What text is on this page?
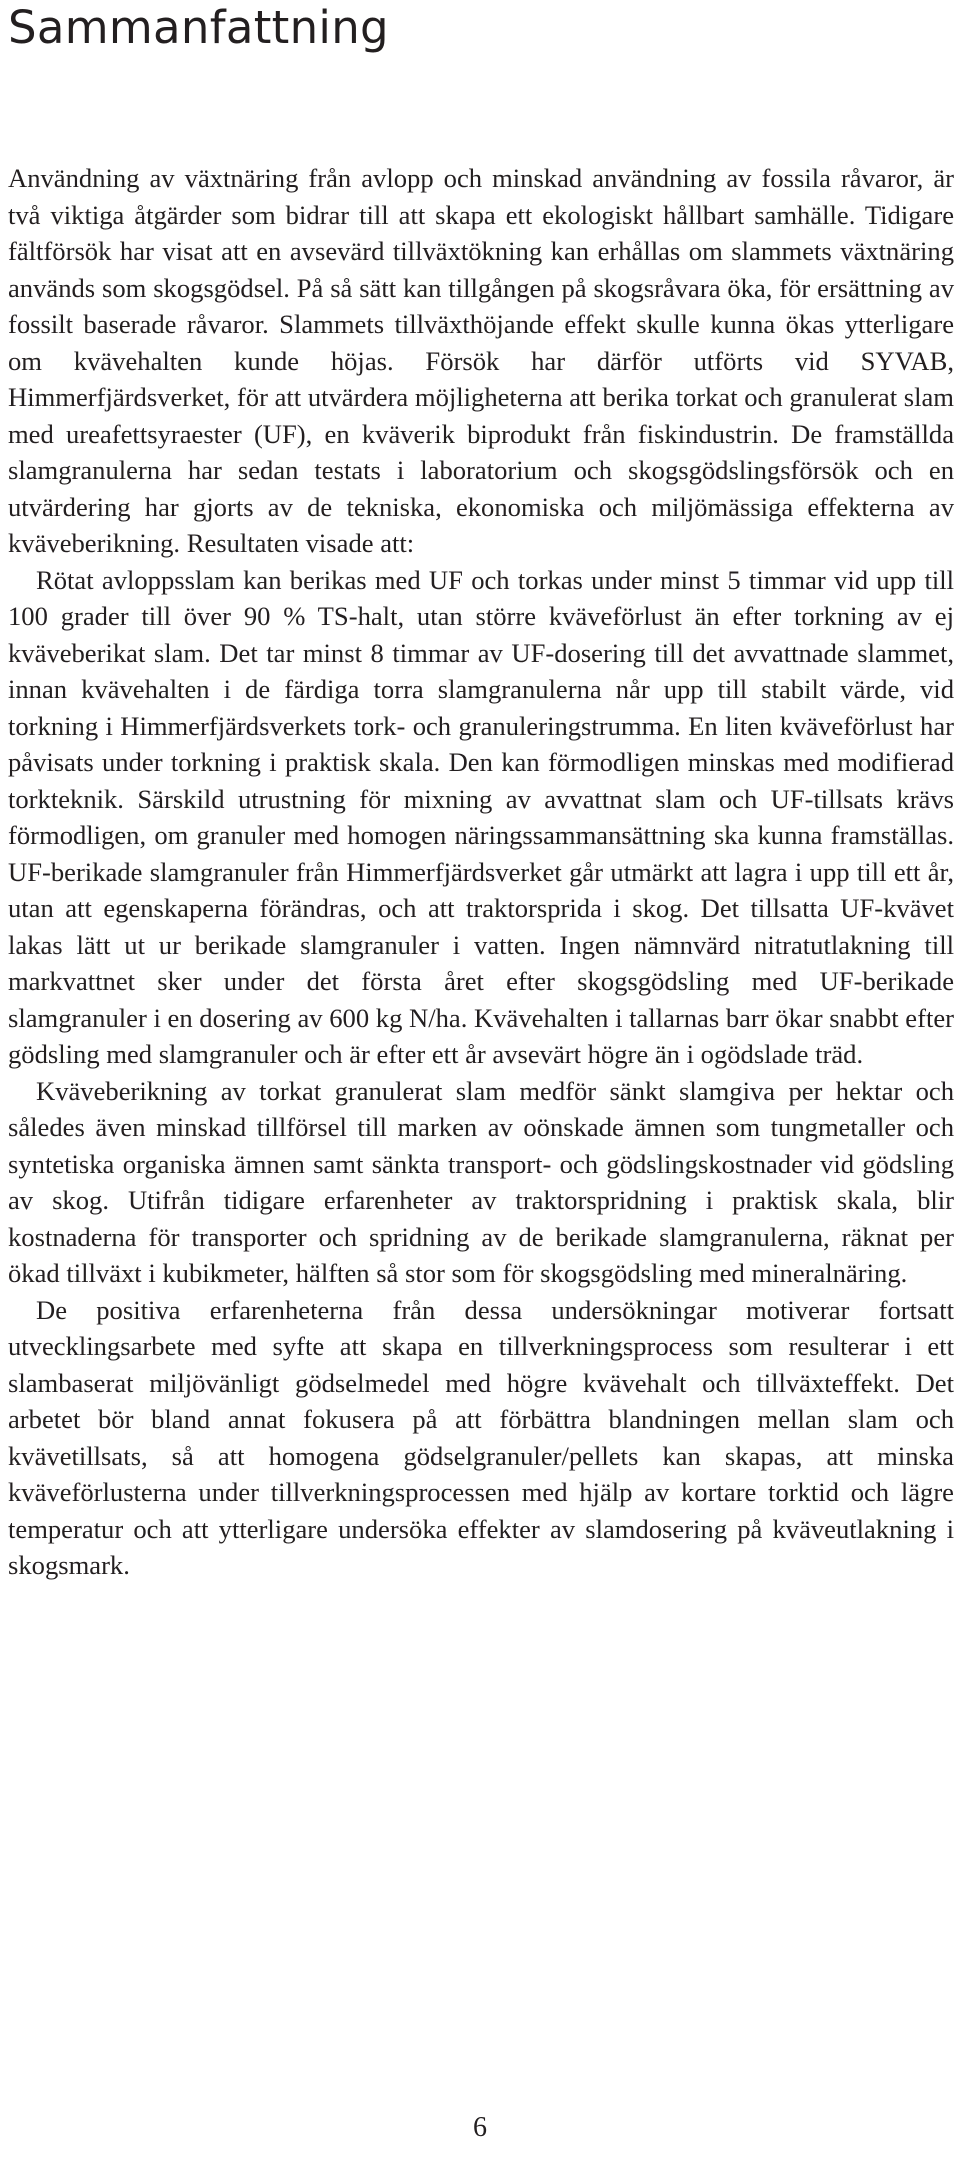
Sammanfattning

Användning av växtnäring från avlopp och minskad användning av fossila råvaror, är två viktiga åtgärder som bidrar till att skapa ett ekologiskt hållbart samhälle. Tidigare fältförsök har visat att en avsevärd tillväxtökning kan erhållas om slammets växtnäring används som skogsgödsel. På så sätt kan tillgången på skogsråvara öka, för ersättning av fossilt baserade råvaror. Slammets tillväxthöjande effekt skulle kunna ökas ytterligare om kvävehalten kunde höjas. Försök har därför utförts vid SYVAB, Himmerfjärdsverket, för att utvärdera möjligheterna att berika torkat och granulerat slam med ureafettsyraester (UF), en kväverik biprodukt från fiskindustrin. De framställda slamgranulerna har sedan testats i laboratorium och skogsgödslingsförsök och en utvärdering har gjorts av de tekniska, ekonomiska och miljömässiga effekterna av kväveberikning. Resultaten visade att:

Rötat avloppsslam kan berikas med UF och torkas under minst 5 timmar vid upp till 100 grader till över 90 % TS-halt, utan större kväveförlust än efter torkning av ej kväveberikat slam. Det tar minst 8 timmar av UF-dosering till det avvattnade slammet, innan kvävehalten i de färdiga torra slamgranulerna når upp till stabilt värde, vid torkning i Himmerfjärdsverkets tork- och granuleringstrumma. En liten kväveförlust har påvisats under torkning i praktisk skala. Den kan förmodligen minskas med modifierad torkteknik. Särskild utrustning för mixning av avvattnat slam och UF-tillsats krävs förmodligen, om granuler med homogen näringssammansättning ska kunna framställas. UF-berikade slamgranuler från Himmerfjärdsverket går utmärkt att lagra i upp till ett år, utan att egenskaperna förändras, och att traktorsprida i skog. Det tillsatta UF-kvävet lakas lätt ut ur berikade slamgranuler i vatten. Ingen nämnvärd nitratutlakning till markvattnet sker under det första året efter skogsgödsling med UF-berikade slamgranuler i en dosering av 600 kg N/ha. Kvävehalten i tallarnas barr ökar snabbt efter gödsling med slamgranuler och är efter ett år avsevärt högre än i ogödslade träd.

Kväveberikning av torkat granulerat slam medför sänkt slamgiva per hektar och således även minskad tillförsel till marken av oönskade ämnen som tungmetaller och syntetiska organiska ämnen samt sänkta transport- och gödslingskostnader vid gödsling av skog. Utifrån tidigare erfarenheter av traktorspridning i praktisk skala, blir kostnaderna för transporter och spridning av de berikade slamgranulerna, räknat per ökad tillväxt i kubikmeter, hälften så stor som för skogsgödsling med mineralnäring.

De positiva erfarenheterna från dessa undersökningar motiverar fortsatt utvecklingsarbete med syfte att skapa en tillverkningsprocess som resulterar i ett slambaserat miljövänligt gödselmedel med högre kvävehalt och tillväxteffekt. Det arbetet bör bland annat fokusera på att förbättra blandningen mellan slam och kvävetillsats, så att homogena gödselgranuler/pellets kan skapas, att minska kväveförlusterna under tillverkningsprocessen med hjälp av kortare torktid och lägre temperatur och att ytterligare undersöka effekter av slamdosering på kväveutlakning i skogsmark.

6
